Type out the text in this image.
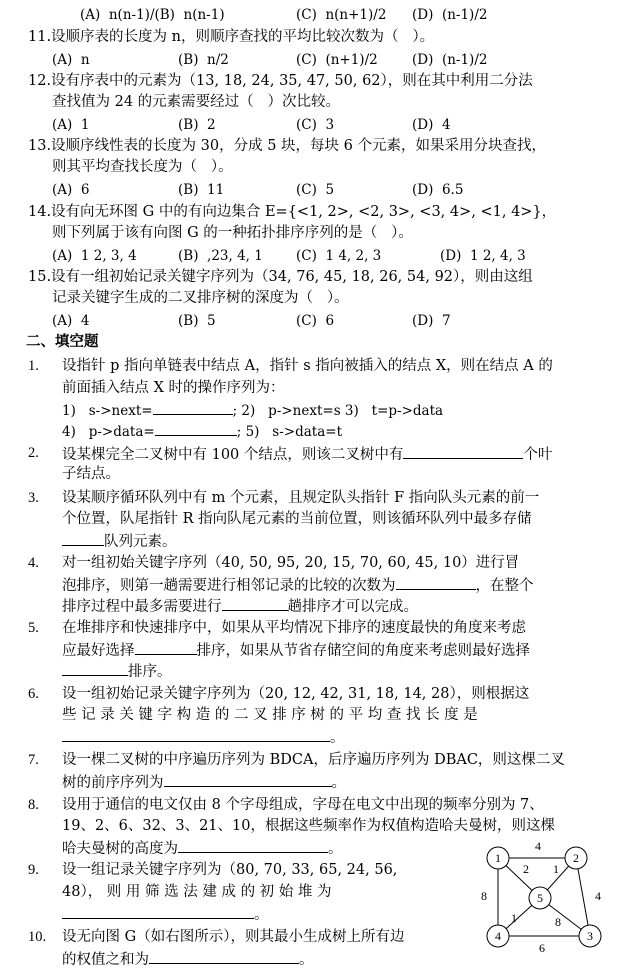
(A)  n(n-1)/(B)  n(n-1)	(C)  n(n+1)/2 (D)  (n-1)/2
11.设顺序表的长度为 n，则顺序查找的平均比较次数为（   ）。
(A)  n	(B)  n/2	(C)  (n+1)/2	(D)  (n-1)/2
12.设有序表中的元素为（13, 18, 24, 35, 47, 50, 62），则在其中利用二分法
查找值为 24 的元素需要经过（   ）次比较。
(A)  1	(B)  2	(C)  3	(D)  4
13.设顺序线性表的长度为 30，分成 5 块，每块 6 个元素，如果采用分块查找，
则其平均查找长度为（   ）。
(A)  6	(B)  11	(C)  5	(D)  6.5
14.设有向无环图 G 中的有向边集合 E={<1, 2>, <2, 3>, <3, 4>, <1, 4>}，
则下列属于该有向图 G 的一种拓扑排序序列的是（   ）。
(A)  1 2, 3, 4	(B)  ,23, 4, 1 (C)  1 4, 2, 3	(D)  1 2, 4, 3
15.设有一组初始记录关键字序列为（34, 76, 45, 18, 26, 54, 92），则由这组
记录关键字生成的二叉排序树的深度为（   ）。
(A)  4	(B)  5	(C)  6	(D)  7
二、填空题
1. 设指针 p 指向单链表中结点 A，指针 s 指向被插入的结点 X，则在结点 A 的
前面插入结点 X 时的操作序列为：
1)   s->next=	; 2)   p->next=s 3)   t=p->data
4)   p->data=	; 5)   s->data=t
2. 设某棵完全二叉树中有 100 个结点，则该二叉树中有	个叶
子结点。
3. 设某顺序循环队列中有 m 个元素，且规定队头指针 F 指向队头元素的前一
个位置，队尾指针 R 指向队尾元素的当前位置，则该循环队列中最多存储
队列元素。
4. 对一组初始关键字序列（40, 50, 95, 20, 15, 70, 60, 45, 10）进行冒
泡排序，则第一趟需要进行相邻记录的比较的次数为	，在整个
排序过程中最多需要进行	趟排序才可以完成。
5. 在堆排序和快速排序中，如果从平均情况下排序的速度最快的角度来考虑
应最好选择	排序，如果从节省存储空间的角度来考虑则最好选择
排序。
6. 设一组初始记录关键字序列为（20, 12, 42, 31, 18, 14, 28），则根据这
些 记 录 关 键 字 构 造 的 二 叉 排 序 树 的 平 均 查 找 长 度 是
。
7. 设一棵二叉树的中序遍历序列为 BDCA，后序遍历序列为 DBAC，则这棵二叉
树的前序序列为	。
8. 设用于通信的电文仅由 8 个字母组成，字母在电文中出现的频率分别为 7、
19、2、6、32、3、21、10，根据这些频率作为权值构造哈夫曼树，则这棵
哈夫曼树的高度为	。
9. 设一组记录关键字序列为（80, 70, 33, 65, 24, 56,
48）， 则 用 筛 选 法 建 成 的 初 始 堆 为
。
10. 设无向图 G（如右图所示），则其最小生成树上所有边
的权值之和为	。
1	2
3
4
5
4
2 1
8	4
1	8
6
